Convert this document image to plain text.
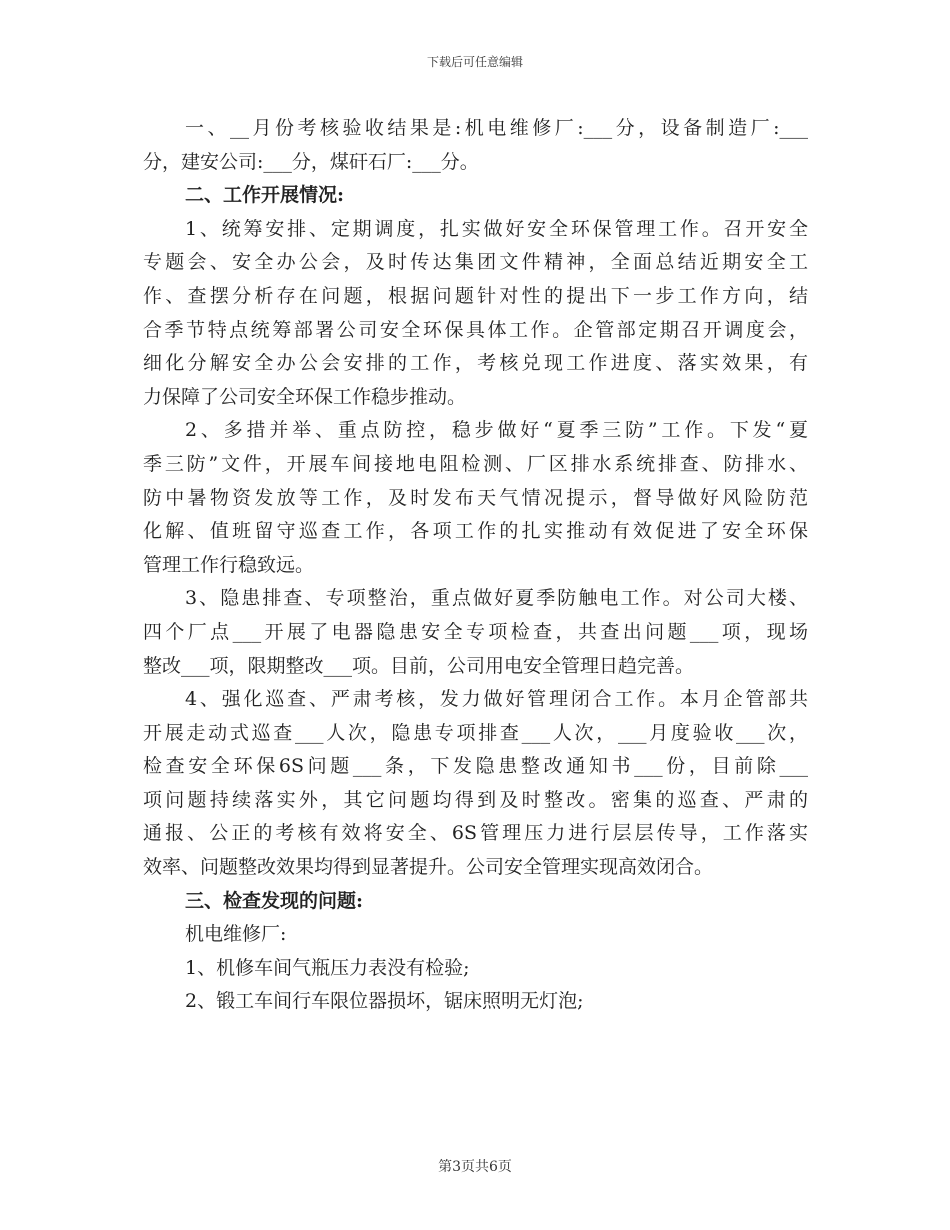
下载后可任意编辑
一、__月份考核验收结果是:机电维修厂:___分，设备制造厂:___
分，建安公司:___分，煤矸石厂:___分。
二、工作开展情况:
1、统筹安排、定期调度，扎实做好安全环保管理工作。召开安全
专题会、安全办公会，及时传达集团文件精神，全面总结近期安全工
作、查摆分析存在问题，根据问题针对性的提出下一步工作方向，结
合季节特点统筹部署公司安全环保具体工作。企管部定期召开调度会，
细化分解安全办公会安排的工作，考核兑现工作进度、落实效果，有
力保障了公司安全环保工作稳步推动。
2、多措并举、重点防控，稳步做好“夏季三防”工作。下发“夏
季三防”文件，开展车间接地电阻检测、厂区排水系统排查、防排水、
防中暑物资发放等工作，及时发布天气情况提示，督导做好风险防范
化解、值班留守巡查工作，各项工作的扎实推动有效促进了安全环保
管理工作行稳致远。
3、隐患排查、专项整治，重点做好夏季防触电工作。对公司大楼、
四个厂点___开展了电器隐患安全专项检查，共查出问题___项，现场
整改___项，限期整改___项。目前，公司用电安全管理日趋完善。
4、强化巡查、严肃考核，发力做好管理闭合工作。本月企管部共
开展走动式巡查___人次，隐患专项排查___人次，___月度验收___次，
检查安全环保6S问题___条，下发隐患整改通知书___份，目前除___
项问题持续落实外，其它问题均得到及时整改。密集的巡查、严肃的
通报、公正的考核有效将安全、6S管理压力进行层层传导，工作落实
效率、问题整改效果均得到显著提升。公司安全管理实现高效闭合。
三、检查发现的问题:
机电维修厂:
1、机修车间气瓶压力表没有检验;
2、锻工车间行车限位器损坏，锯床照明无灯泡;
第3页共6页
